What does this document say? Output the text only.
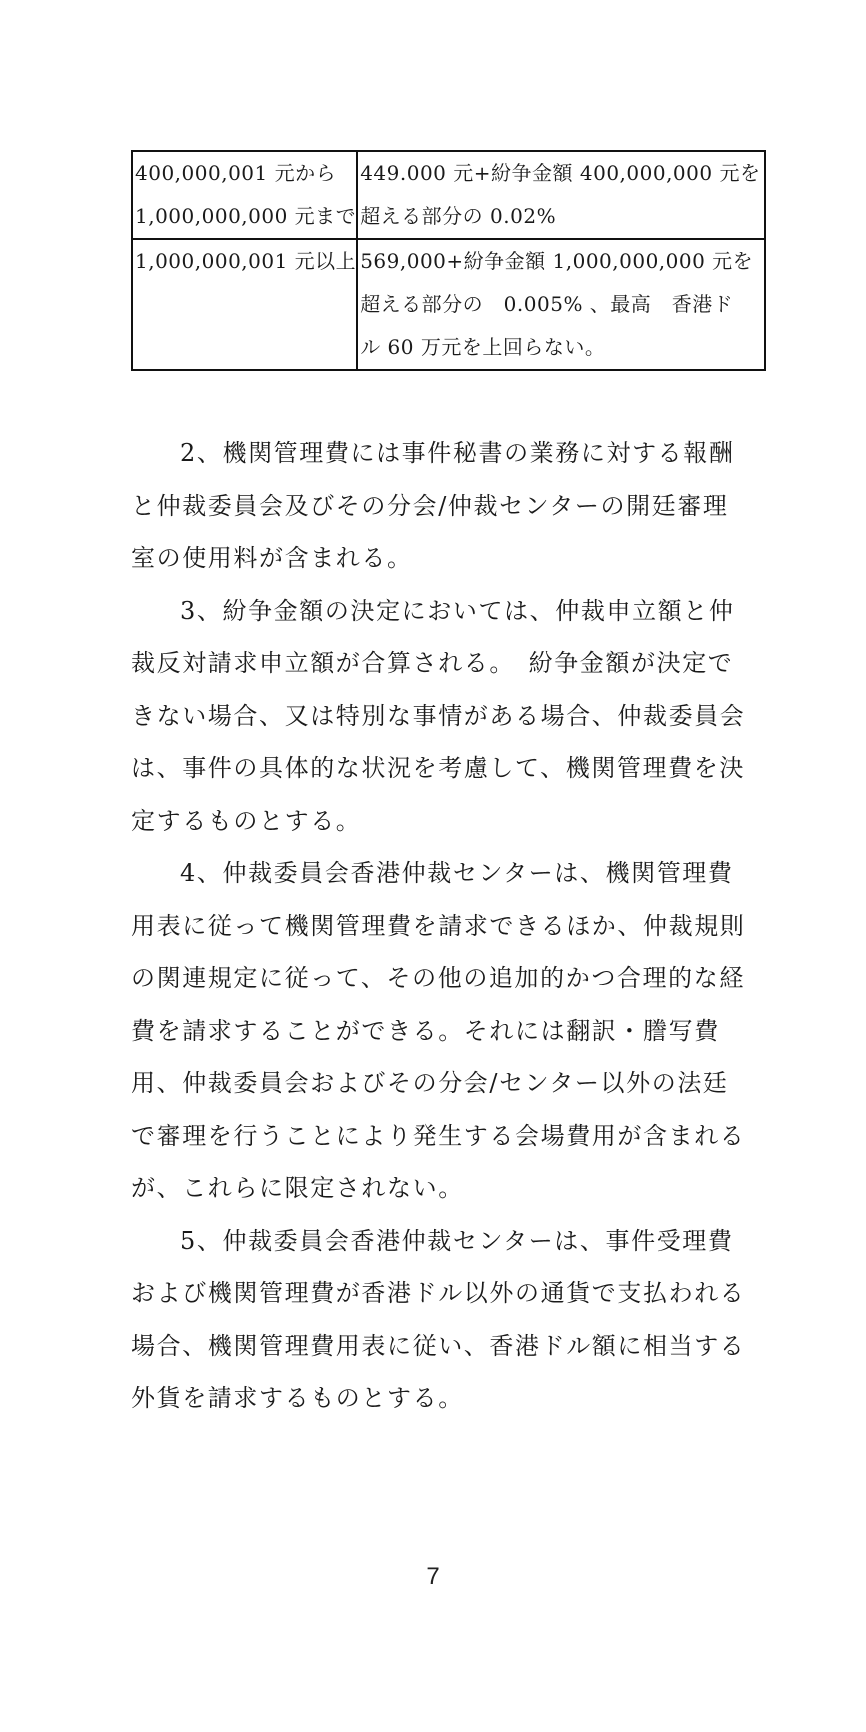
400,000,001 元から
1,000,000,000 元まで	449.000 元+紛争金額 400,000,000 元を
超える部分の 0.02%

1,000,000,001 元以上	569,000+紛争金額 1,000,000,000 元を
超える部分の　0.005% 、最高　香港ド
ル 60 万元を上回らない。

2、機関管理費には事件秘書の業務に対する報酬
と仲裁委員会及びその分会/仲裁センターの開廷審理
室の使用料が含まれる。

3、紛争金額の決定においては、仲裁申立額と仲
裁反対請求申立額が合算される。　紛争金額が決定で
きない場合、又は特別な事情がある場合、仲裁委員会
は、事件の具体的な状況を考慮して、機関管理費を決
定するものとする。

4、仲裁委員会香港仲裁センターは、機関管理費
用表に従って機関管理費を請求できるほか、仲裁規則
の関連規定に従って、その他の追加的かつ合理的な経
費を請求することができる。それには翻訳・謄写費
用、仲裁委員会およびその分会/センター以外の法廷
で審理を行うことにより発生する会場費用が含まれる
が、これらに限定されない。

5、仲裁委員会香港仲裁センターは、事件受理費
および機関管理費が香港ドル以外の通貨で支払われる
場合、機関管理費用表に従い、香港ドル額に相当する
外貨を請求するものとする。

7
